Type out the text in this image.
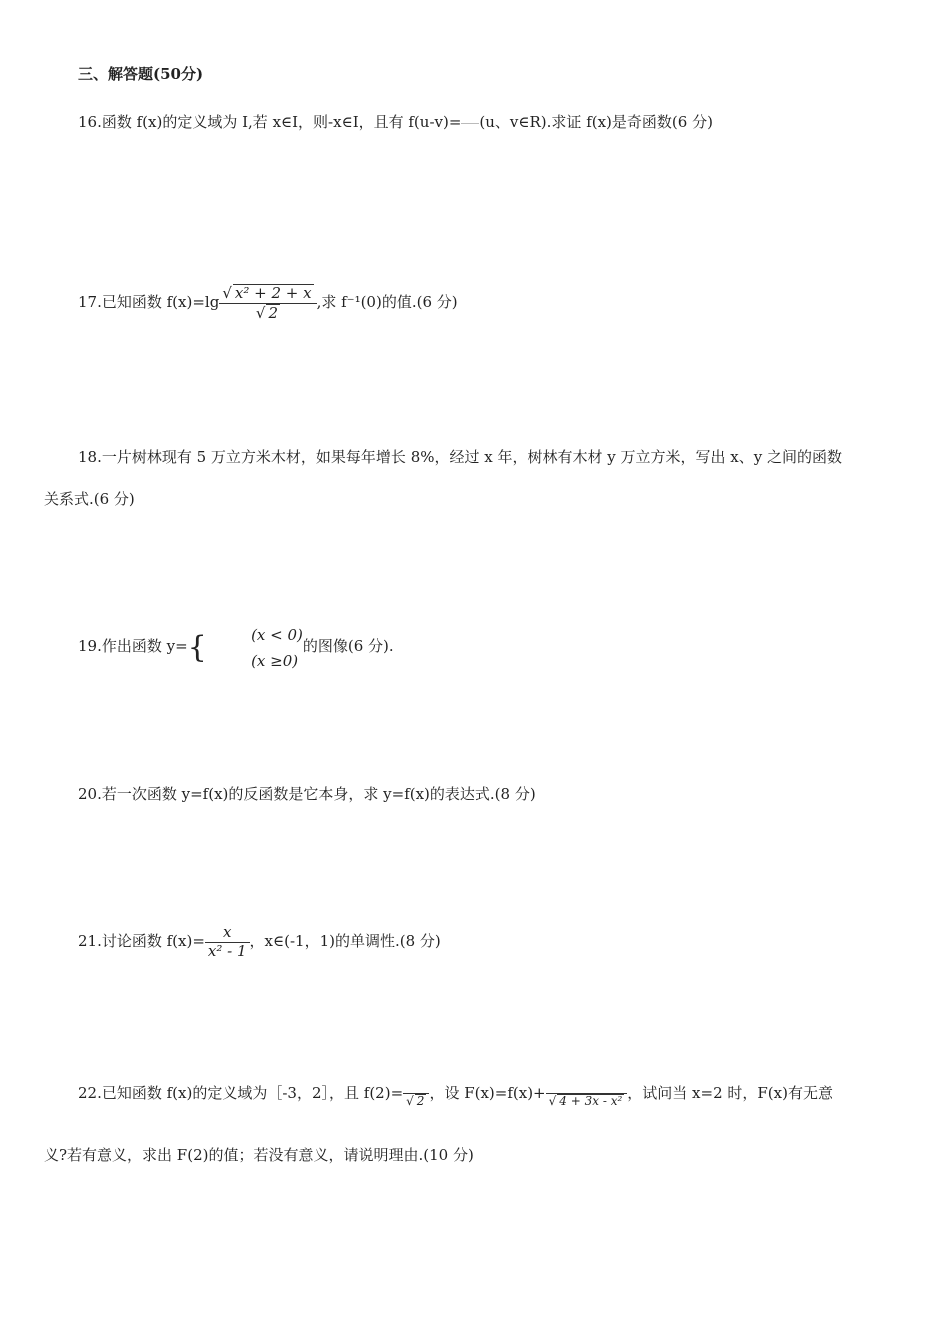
三、解答题(50分)
16.函数 f(x)的定义域为 I,若 x∈I，则-x∈I，且有 f(u-v)= (u、v∈R).求证 f(x)是奇函数(6 分)
17.已知函数 $f(x)=\lg \frac{\text{√ x² + 2 + x}}{√ 2}$ ,求 f⁻¹(0)的值.(6 分)
18.一片树林现有 5 万立方米木材，如果每年增长 8%，经过 x 年，树林有木材 y 万立方米，写出 x、y 之间的函数
关系式.(6 分)
19.作出函数 y={	(x < 0)
(x ≥0)的图像(6 分).
20.若一次函数 y=f(x)的反函数是它本身，求 y=f(x)的表达式.(8 分)
21.讨论函数 $f(x)= \frac{x}{\text{x² - 1}}$ ，x∈(-1，1)的单调性.(8 分)
22.已知函数 f(x)的定义域为［-3，2］，且 f(2)=
√ 2 ，设 F(x)=f(x)+
√ 4 + 3x - x² ，试问当 x=2 时，F(x)有无意
义?若有意义，求出 F(2)的值；若没有意义，请说明理由.(10 分)
